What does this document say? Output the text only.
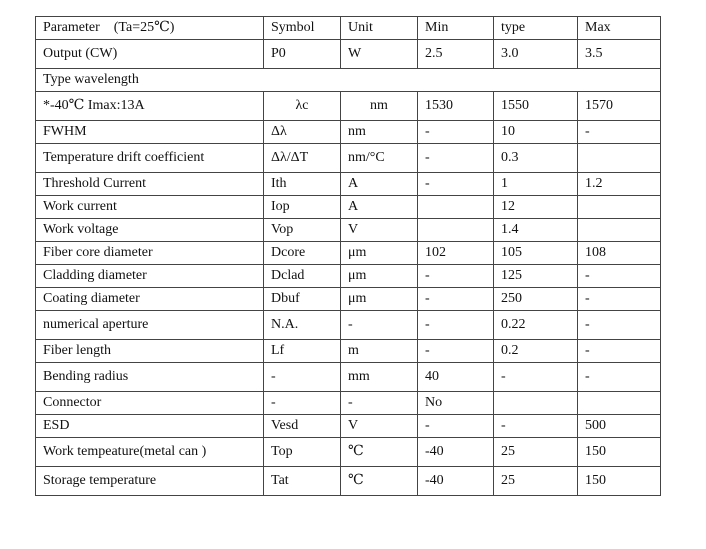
Parameter　(Ta=25℃)	Symbol	Unit	Min	type	Max
Output (CW)	P0	W	2.5	3.0	3.5
Type wavelength					
*-40℃ Imax:13A	λc	nm	1530	1550	1570
FWHM	Δλ	nm	-	10	-
Temperature drift coefficient	Δλ/ΔT	nm/°C	-	0.3	
Threshold Current	Ith	A	-	1	1.2
Work current	Iop	A		12	
Work voltage	Vop	V		1.4	
Fiber core diameter	Dcore	μm	102	105	108
Cladding diameter	Dclad	μm	-	125	-
Coating diameter	Dbuf	μm	-	250	-
numerical aperture	N.A.	-	-	0.22	-
Fiber length	Lf	m	-	0.2	-
Bending radius	-	mm	40	-	-
Connector	-	-	No		
ESD	Vesd	V	-	-	500
Work tempeature(metal can )	Top	℃	-40	25	150
Storage temperature	Tat	℃	-40	25	150
